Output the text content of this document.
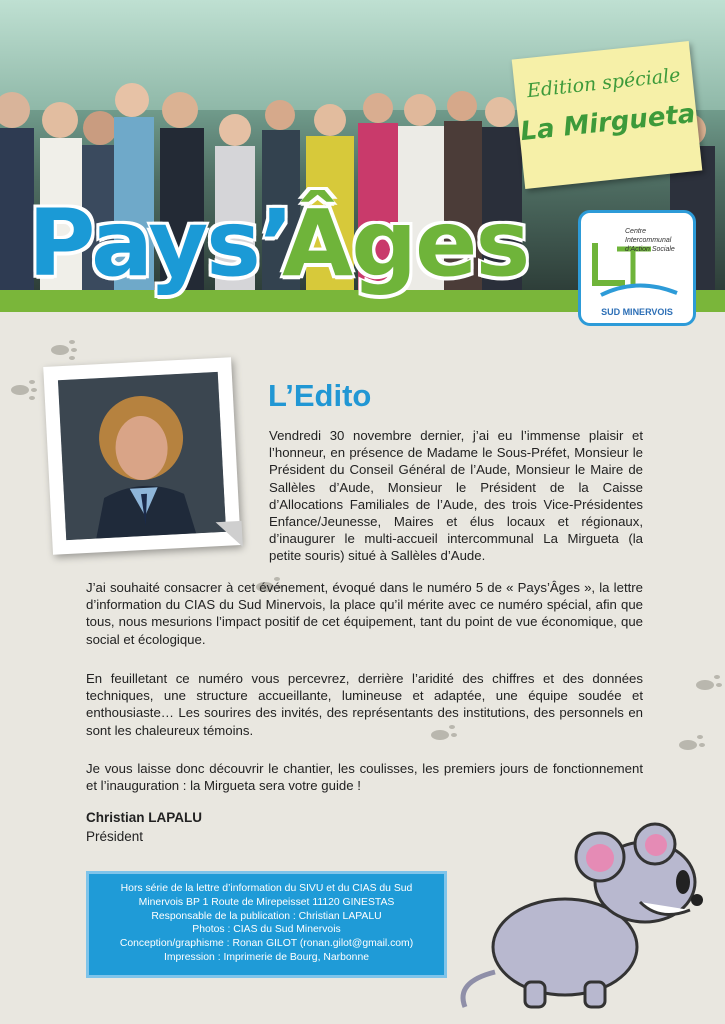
Pays’
Âges
Edition spéciale
La Mirgueta
Centre Intercommunal d’Action Sociale
SUD MINERVOIS
L’Edito

Vendredi 30 novembre dernier, j’ai eu l’immense plaisir et l’honneur, en présence de Madame le Sous-Préfet, Monsieur le Président du Conseil Général de l’Aude, Monsieur le Maire de Sallèles d’Aude, Monsieur le Président de la Caisse d’Allocations Familiales de l’Aude, des trois Vice-Présidentes Enfance/Jeunesse, Maires et élus locaux et régionaux, d’inaugurer le multi-accueil intercommunal La Mirgueta (la petite souris) situé à Sallèles d’Aude.

J’ai souhaité consacrer à cet événement, évoqué dans le numéro 5 de « Pays’Âges », la lettre d’information du CIAS du Sud Minervois, la place qu’il mérite avec ce numéro spécial, afin que tous, nous mesurions l’impact positif de cet équipement, tant du point de vue économique, que social et écologique.

En feuilletant ce numéro vous percevrez, derrière l’aridité des chiffres et des données techniques, une structure accueillante, lumineuse et adaptée, une équipe soudée et enthousiaste… Les sourires des invités, des représentants des institutions, des personnels en sont les chaleureux témoins.

Je vous laisse donc découvrir le chantier, les coulisses, les premiers jours de fonctionnement et l’inauguration : la Mirgueta sera votre guide !

Christian LAPALU
Président
Hors série de la lettre d’information du SIVU et du CIAS du Sud
Minervois BP 1 Route de Mirepeisset 11120 GINESTAS
Responsable de la publication : Christian LAPALU
Photos : CIAS du Sud Minervois
Conception/graphisme : Ronan GILOT (ronan.gilot@gmail.com)
Impression : Imprimerie de Bourg, Narbonne
